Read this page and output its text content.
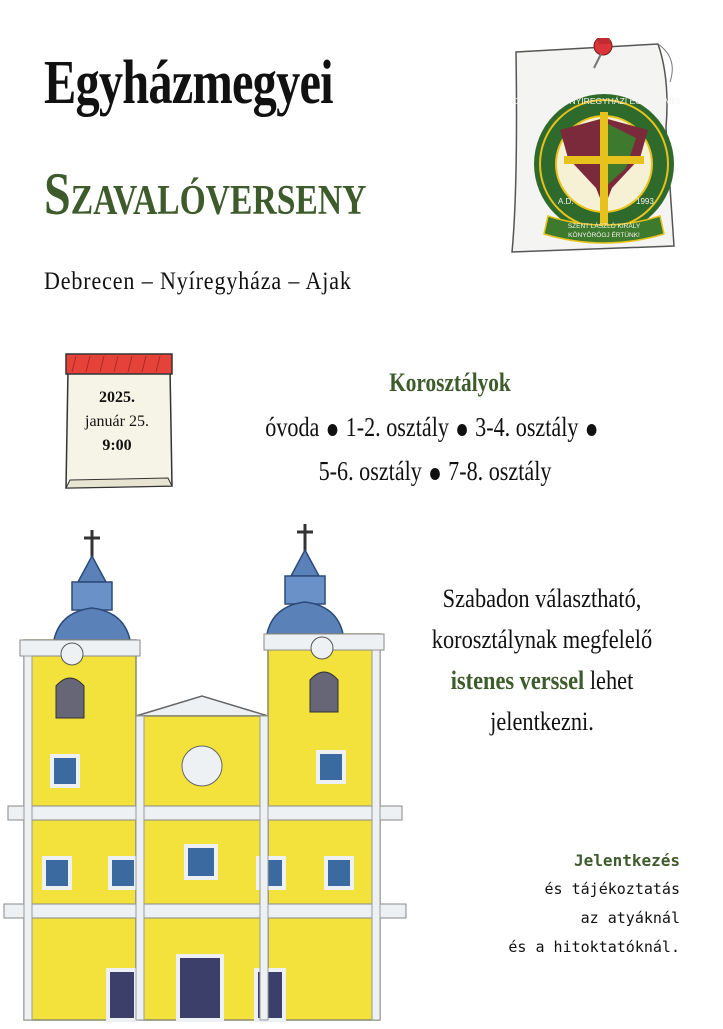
Egyházmegyei
Szavalóverseny
Debrecen – Nyíregyháza – Ajak
DEBRECEN – NYÍREGYHÁZI EGYHÁZMEGYE
A.D.	1993
SZENT LÁSZLÓ KIRÁLY
KÖNYÖRÖGJ ÉRTÜNK!
2025.
január 25.
9:00
Korosztályok
óvoda 1-2. osztály 3-4. osztály
5-6. osztály 7-8. osztály
Szabadon választható,
korosztálynak megfelelő
istenes verssel lehet
jelentkezni.
Jelentkezés
és tájékoztatás
az atyáknál
és a hitoktatóknál.
